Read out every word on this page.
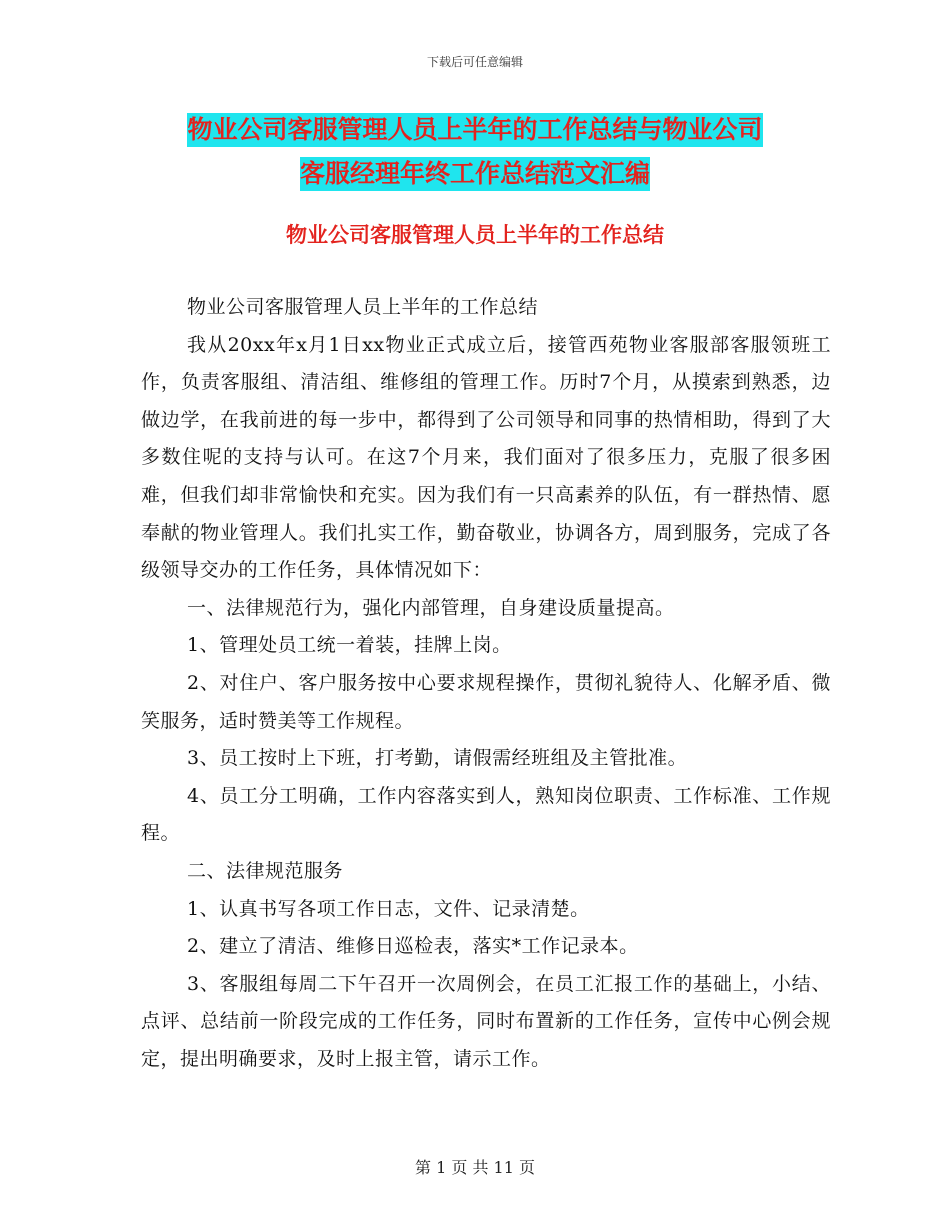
下载后可任意编辑
物业公司客服管理人员上半年的工作总结与物业公司
客服经理年终工作总结范文汇编
物业公司客服管理人员上半年的工作总结

物业公司客服管理人员上半年的工作总结

我从20xx年x月1日xx物业正式成立后，接管西苑物业客服部客服领班工作，负责客服组、清洁组、维修组的管理工作。历时7个月，从摸索到熟悉，边做边学，在我前进的每一步中，都得到了公司领导和同事的热情相助，得到了大多数住呢的支持与认可。在这7个月来，我们面对了很多压力，克服了很多困难，但我们却非常愉快和充实。因为我们有一只高素养的队伍，有一群热情、愿奉献的物业管理人。我们扎实工作，勤奋敬业，协调各方，周到服务，完成了各级领导交办的工作任务，具体情况如下：

一、法律规范行为，强化内部管理，自身建设质量提高。

1、管理处员工统一着装，挂牌上岗。

2、对住户、客户服务按中心要求规程操作，贯彻礼貌待人、化解矛盾、微笑服务，适时赞美等工作规程。

3、员工按时上下班，打考勤，请假需经班组及主管批准。

4、员工分工明确，工作内容落实到人，熟知岗位职责、工作标准、工作规程。

二、法律规范服务

1、认真书写各项工作日志，文件、记录清楚。

2、建立了清洁、维修日巡检表，落实*工作记录本。

3、客服组每周二下午召开一次周例会，在员工汇报工作的基础上，小结、点评、总结前一阶段完成的工作任务，同时布置新的工作任务，宣传中心例会规定，提出明确要求，及时上报主管，请示工作。

第 1 页 共 11 页
